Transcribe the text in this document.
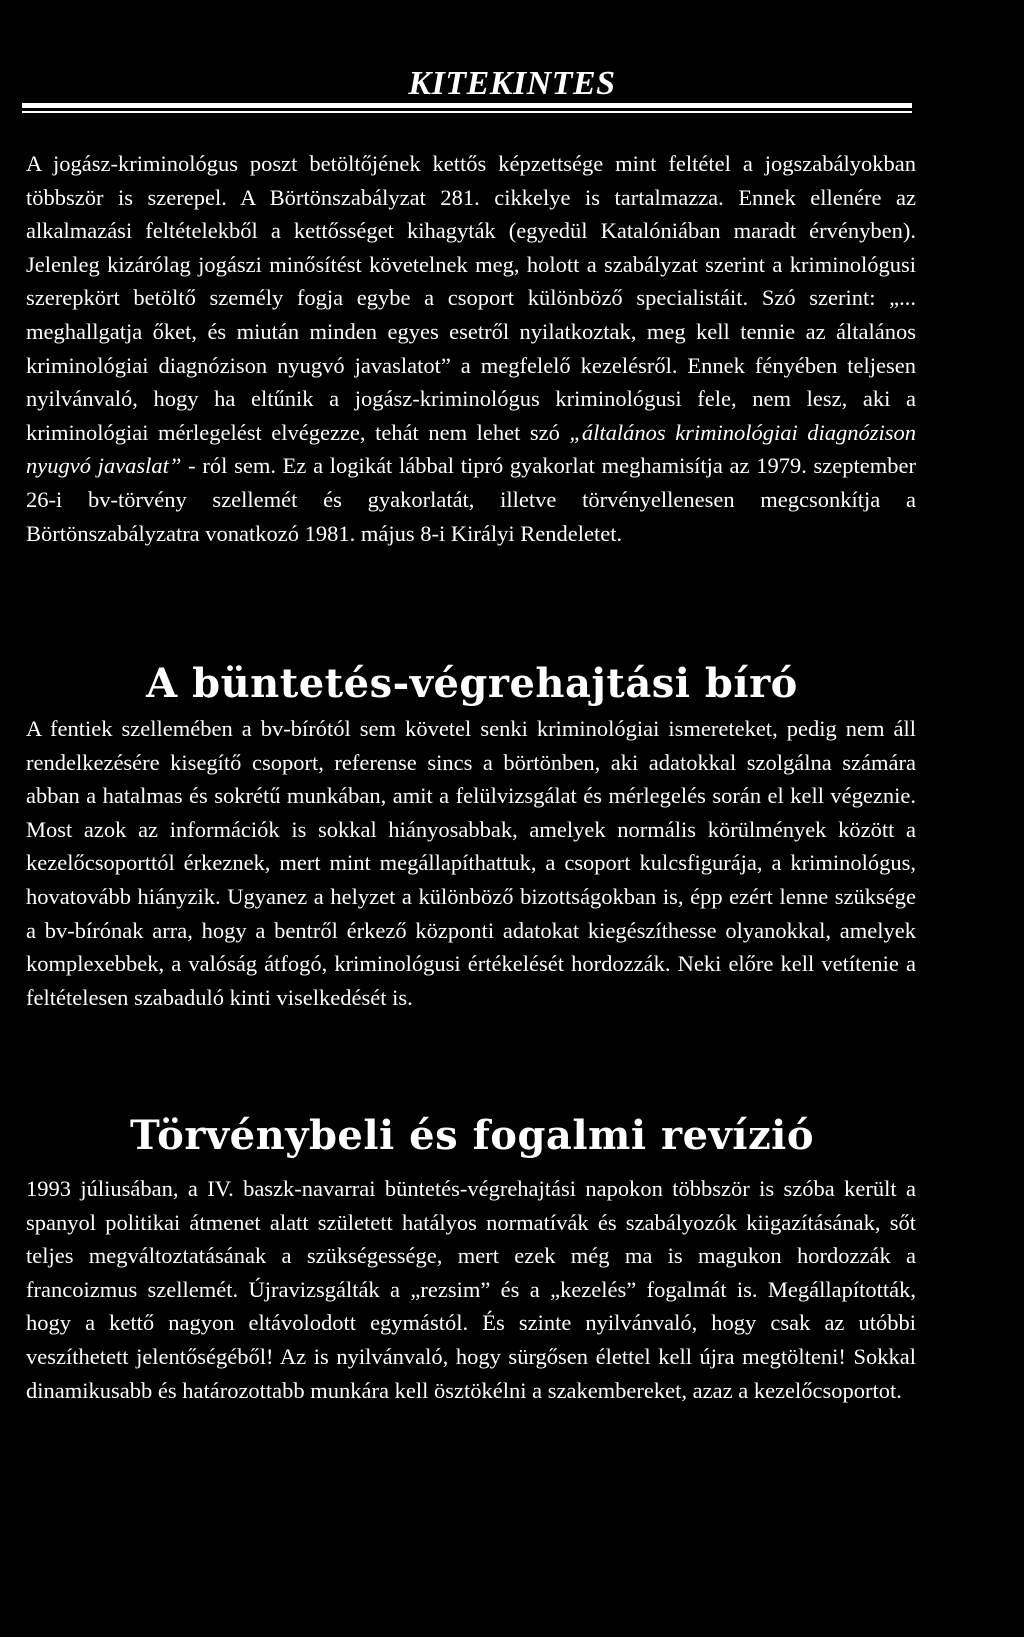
KITEKINTES

A jogász-kriminológus poszt betöltőjének kettős képzettsége mint feltétel a jogszabályokban többször is szerepel. A Börtönszabályzat 281. cikkelye is tartalmazza. Ennek ellenére az alkalmazási feltételekből a kettősséget kihagyták (egyedül Katalóniában maradt érvényben). Jelenleg kizárólag jogászi minősítést követelnek meg, holott a szabályzat szerint a kriminológusi szerepkört betöltő személy fogja egybe a csoport különböző specialistáit. Szó szerint: „... meghallgatja őket, és miután minden egyes esetről nyilatkoztak, meg kell tennie az általános kriminológiai diagnózison nyugvó javaslatot” a megfelelő kezelésről. Ennek fényében teljesen nyilvánvaló, hogy ha eltűnik a jogász-kriminológus kriminológusi fele, nem lesz, aki a kriminológiai mérlegelést elvégezze, tehát nem lehet szó „általános kriminológiai diagnózison nyugvó javaslat” - ról sem. Ez a logikát lábbal tipró gyakorlat meghamisítja az 1979. szeptember 26-i bv-törvény szellemét és gyakorlatát, illetve törvényellenesen megcsonkítja a Börtönszabályzatra vonatkozó 1981. május 8-i Királyi Rendeletet.

A büntetés-végrehajtási bíró

A fentiek szellemében a bv-bírótól sem követel senki kriminológiai ismereteket, pedig nem áll rendelkezésére kisegítő csoport, referense sincs a börtönben, aki adatokkal szolgálna számára abban a hatalmas és sokrétű munkában, amit a felülvizsgálat és mérlegelés során el kell végeznie. Most azok az információk is sokkal hiányosabbak, amelyek normális körülmények között a kezelőcsoporttól érkeznek, mert mint megállapíthattuk, a csoport kulcsfigurája, a kriminológus, hovatovább hiányzik. Ugyanez a helyzet a különböző bizottságokban is, épp ezért lenne szüksége a bv-bírónak arra, hogy a bentről érkező központi adatokat kiegészíthesse olyanokkal, amelyek komplexebbek, a valóság átfogó, kriminológusi értékelését hordozzák. Neki előre kell vetítenie a feltételesen szabaduló kinti viselkedését is.

Törvénybeli és fogalmi revízió

1993 júliusában, a IV. baszk-navarrai büntetés-végrehajtási napokon többször is szóba került a spanyol politikai átmenet alatt született hatályos normatívák és szabályozók kiigazításának, sőt teljes megváltoztatásának a szükségessége, mert ezek még ma is magukon hordozzák a francoizmus szellemét. Újravizsgálták a „rezsim” és a „kezelés” fogalmát is. Megállapították, hogy a kettő nagyon eltávolodott egymástól. És szinte nyilvánvaló, hogy csak az utóbbi veszíthetett jelentőségéből! Az is nyilvánvaló, hogy sürgősen élettel kell újra megtölteni! Sokkal dinamikusabb és határozottabb munkára kell ösztökélni a szakembereket, azaz a kezelőcsoportot.
